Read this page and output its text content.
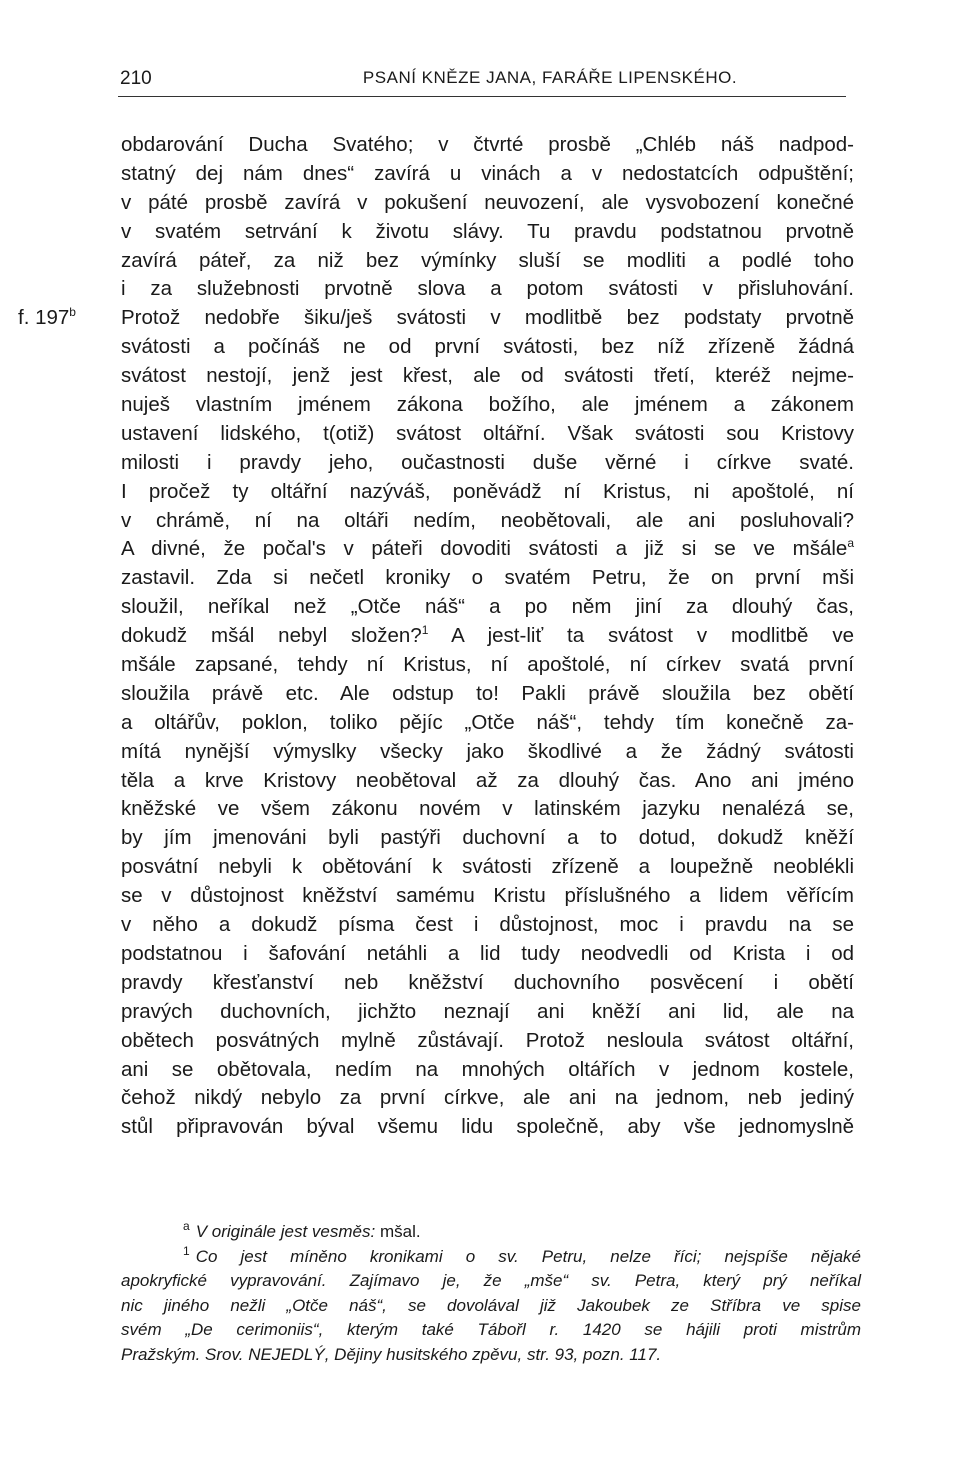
210	PSANÍ KNĚZE JANA, FARÁŘE LIPENSKÉHO.
obdarování Ducha Svatého; v čtvrté prosbě „Chléb náš nadpod-
statný dej nám dnes“ zavírá u vinách a v nedostatcích odpuštění;
v páté prosbě zavírá v pokušení neuvození, ale vysvobození konečné
v svatém setrvání k životu slávy. Tu pravdu podstatnou prvotně
zavírá páteř, za niž bez výmínky sluší se modliti a podlé toho
i za služebnosti prvotně slova a potom svátosti v přisluhování.
f. 197$^b$ Protož nedobře šiku/ješ svátosti v modlitbě bez podstaty prvotně
svátosti a počínáš ne od první svátosti, bez níž zřízeně žádná
svátost nestojí, jenž jest křest, ale od svátosti třetí, kteréž nejme-
nuješ vlastním jménem zákona božího, ale jménem a zákonem
ustavení lidského, t(otiž) svátost oltářní. Však svátosti sou Kristovy
milosti i pravdy jeho, oučastnosti duše věrné i církve svaté.
I pročež ty oltářní nazýváš, poněvádž ní Kristus, ni apoštolé, ní
v chrámě, ní na oltáři nedím, neobětovali, ale ani posluhovali?
A divné, že počal's v páteři dovoditi svátosti a již si se ve mšále$^a$
zastavil. Zda si nečetl kroniky o svatém Petru, že on první mši
sloužil, neříkal než „Otče náš“ a po něm jiní za dlouhý čas,
dokudž mšál nebyl složen?$^1$ A jest-liť ta svátost v modlitbě ve
mšále zapsané, tehdy ní Kristus, ní apoštolé, ní církev svatá první
sloužila právě etc. Ale odstup to! Pakli právě sloužila bez obětí
a oltářův, poklon, toliko pějíc „Otče náš“, tehdy tím konečně za-
mítá nynější výmyslky všecky jako škodlivé a že žádný svátosti
těla a krve Kristovy neobětoval až za dlouhý čas. Ano ani jméno
kněžské ve všem zákonu novém v latinském jazyku nenalézá se,
by jím jmenováni byli pastýři duchovní a to dotud, dokudž kněží
posvátní nebyli k obětování k svátosti zřízeně a loupežně neoblékli
se v důstojnost kněžství samému Kristu příslušného a lidem věřícím
v něho a dokudž písma čest i důstojnost, moc i pravdu na se
podstatnou i šafování netáhli a lid tudy neodvedli od Krista i od
pravdy křesťanství neb kněžství duchovního posvěcení i obětí
pravých duchovních, jichžto neznají ani kněží ani lid, ale na
obětech posvátných mylně zůstávají. Protož nesloula svátost oltářní,
ani se obětovala, nedím na mnohých oltářích v jednom kostele,
čehož nikdý nebylo za první církve, ale ani na jednom, neb jediný
stůl připravován býval všemu lidu společně, aby vše jednomyslně
$^a$ V originále jest vesměs: mšal.
$^1$ Co jest míněno kronikami o sv. Petru, nelze říci; nejspíše nějaké
apokryfické vypravování. Zajímavo je, že „mše“ sv. Petra, který prý neříkal
nic jiného nežli „Otče náš“, se dovolával již Jakoubek ze Stříbra ve spise
svém „De cerimoniis“, kterým také Tábořl r. 1420 se hájili proti mistrům
Pražským. Srov. NEJEDLÝ, Dějiny husitského zpěvu, str. 93, pozn. 117.
